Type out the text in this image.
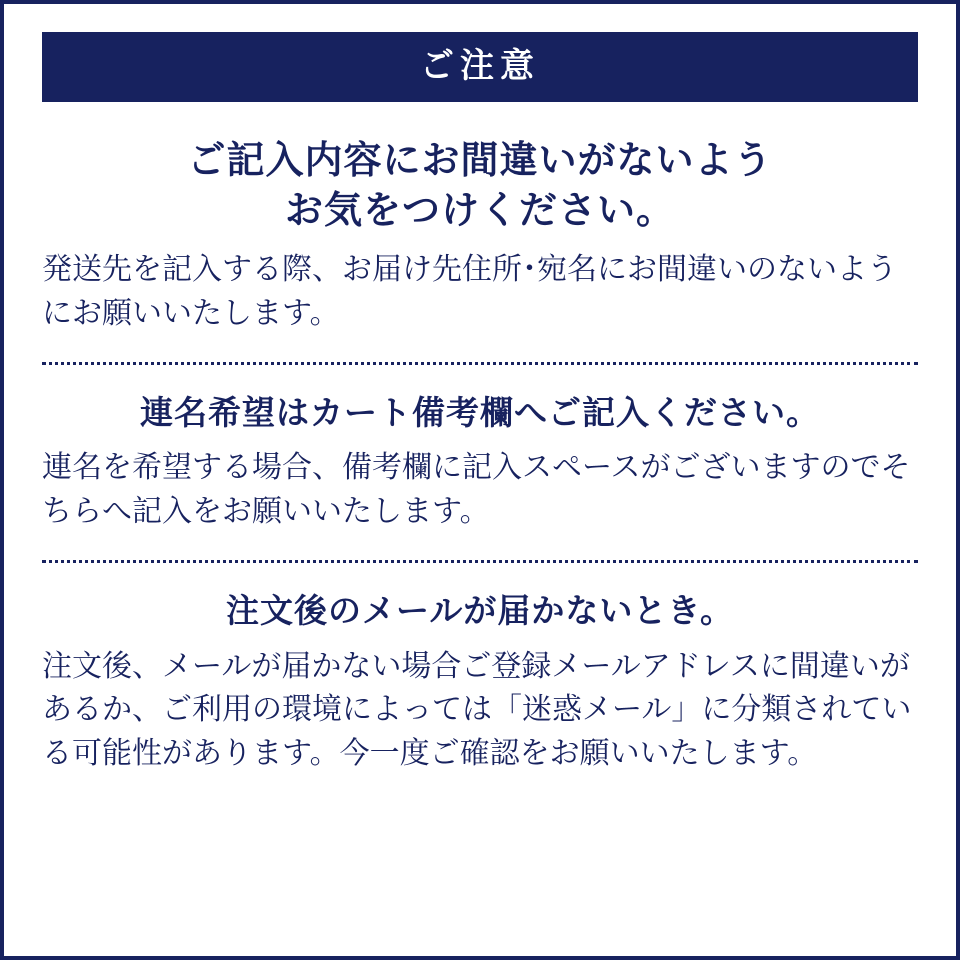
ご注意
ご記入内容にお間違いがないよう
お気をつけください。

発送先を記入する際、お届け先住所･宛名にお間違いのないようにお願いいたします。

連名希望はカート備考欄へご記入ください。

連名を希望する場合、備考欄に記入スペースがございますのでそちらへ記入をお願いいたします。

注文後のメールが届かないとき。

注文後、メールが届かない場合ご登録メールアドレスに間違いがあるか、ご利用の環境によっては「迷惑メール」に分類されている可能性があります。今一度ご確認をお願いいたします。
